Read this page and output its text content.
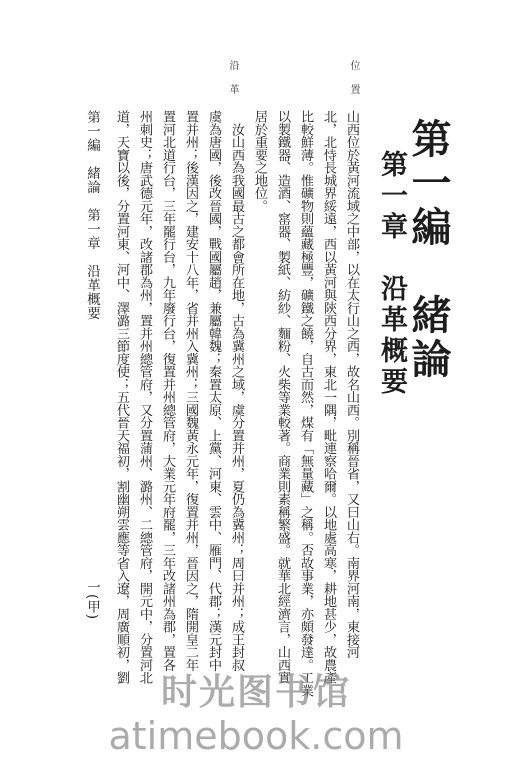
位置
沿革
第一編　緒論
第一章　沿革概要
山西位於黃河流域之中部，以在太行山之西，故名山西。別稱晉省，又曰山右。南界河南，東接河
北，北恃長城界綏遠，西以黃河與陝西分界，東北一隅，毗連察哈爾。以地處高寒，耕地甚少，故農產
比較鮮薄。惟礦物則蘊藏極豐，礦鐵之饒，自古而然，煤有「無量藏」之稱。否故事業，亦頗發達。工業
以製鐵器、造酒、窰器、製紙、紡紗、麵粉、火柴等業較著。商業則素稱繁盛。就華北經濟言，山西實
居於重要之地位。
　汝山西為我國最古之都會所在地，古為冀州之域，虞分置并州，夏仍為冀州；周曰并州；成王封叔
虞為唐國，後改晉國，戰國屬趙，兼屬韓魏；秦置太原、上黨、河東、雲中、雁門、代郡；漢元封中
置并州；後漢因之，建安十八年，省并州入冀州；三國魏黃永元年，復置并州，晉因之，隋開皇二年
置河北道行台，三年罷行台，九年廢行台，復置并州總管府，大業元年府罷，三年改諸州為郡，置各
州刺史；唐武德元年，改諸郡為州，置并州總管府，又分置蒲州、潞州、二總管府，開元中，分置河北
道，天寶以後，分置河東、河中、澤潞三節度使；五代晉天福初，割幽朔雲應等省入遼，周廣順初，劉
第一編　緒論　第一章　沿革概要
一(甲)
时光图书馆
atimebook.com
